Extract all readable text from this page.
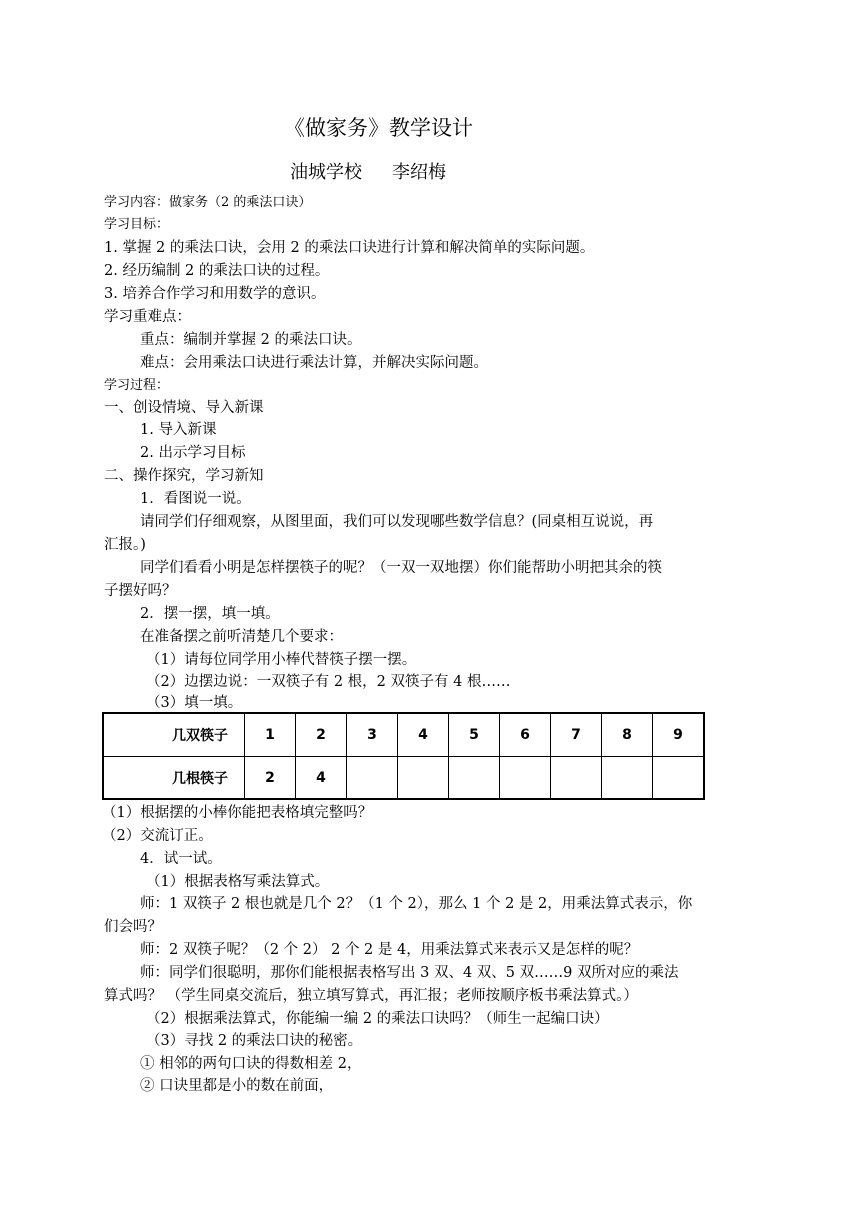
《做家务》教学设计
油城学校 李绍梅
学习内容：做家务（2 的乘法口诀）
学习目标：
1. 掌握 2 的乘法口诀，会用 2 的乘法口诀进行计算和解决简单的实际问题。
2. 经历编制 2 的乘法口诀的过程。
3. 培养合作学习和用数学的意识。
学习重难点：
重点：编制并掌握 2 的乘法口诀。
难点：会用乘法口诀进行乘法计算，并解决实际问题。
学习过程：
一、创设情境、导入新课
1. 导入新课
2. 出示学习目标
二、操作探究，学习新知
1．看图说一说。
请同学们仔细观察，从图里面，我们可以发现哪些数学信息？(同桌相互说说，再
汇报。)
同学们看看小明是怎样摆筷子的呢？（一双一双地摆）你们能帮助小明把其余的筷
子摆好吗？
2．摆一摆，填一填。
在准备摆之前听清楚几个要求：
（1）请每位同学用小棒代替筷子摆一摆。
（2）边摆边说：一双筷子有 2 根，2 双筷子有 4 根……
（3）填一填。
几双筷子	1	2	3	4	5	6	7	8	9
几根筷子	2	4							
（1）根据摆的小棒你能把表格填完整吗？
（2）交流订正。
4．试一试。
（1）根据表格写乘法算式。
师：1 双筷子 2 根也就是几个 2？（1 个 2），那么 1 个 2 是 2，用乘法算式表示，你
们会吗？
师：2 双筷子呢？（2 个 2） 2 个 2 是 4，用乘法算式来表示又是怎样的呢？
师：同学们很聪明，那你们能根据表格写出 3 双、4 双、5 双……9 双所对应的乘法
算式吗？ （学生同桌交流后，独立填写算式，再汇报；老师按顺序板书乘法算式。）
（2）根据乘法算式，你能编一编 2 的乘法口诀吗？（师生一起编口诀）
（3）寻找 2 的乘法口诀的秘密。
① 相邻的两句口诀的得数相差 2，
② 口诀里都是小的数在前面，
